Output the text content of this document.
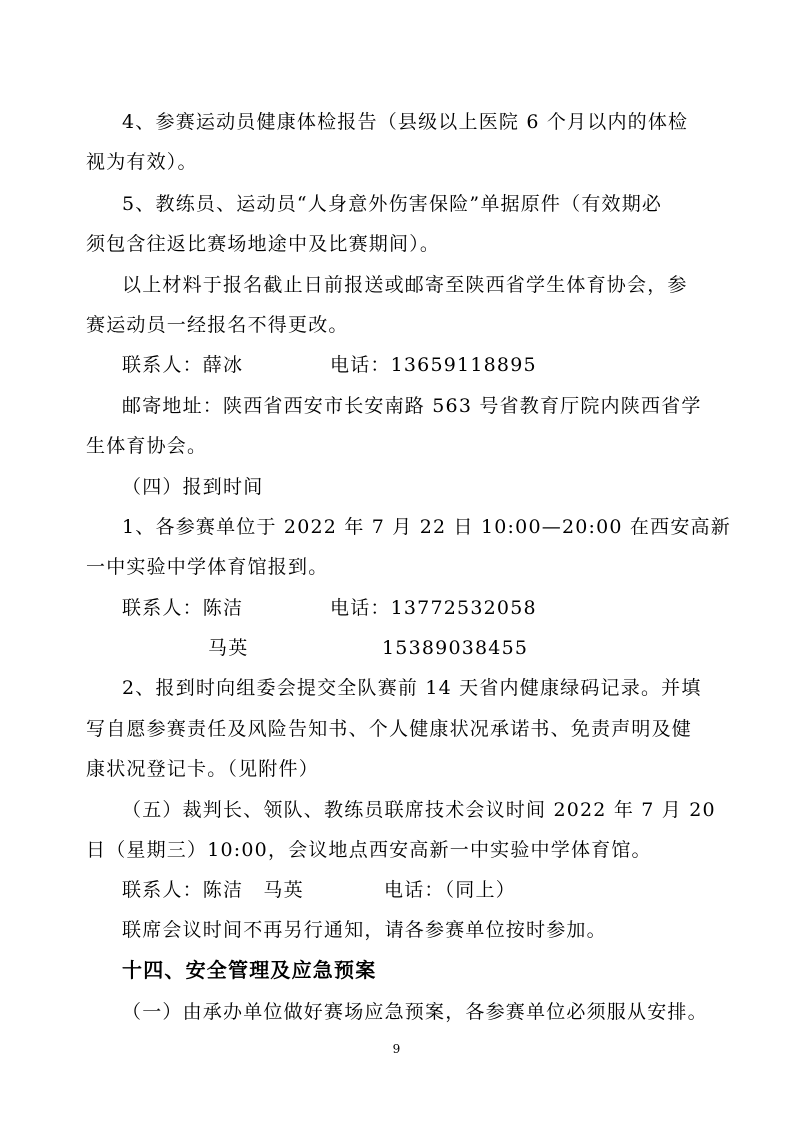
4、参赛运动员健康体检报告（县级以上医院 6 个月以内的体检
视为有效）。
5、教练员、运动员“人身意外伤害保险”单据原件（有效期必
须包含往返比赛场地途中及比赛期间）。
以上材料于报名截止日前报送或邮寄至陕西省学生体育协会，参
赛运动员一经报名不得更改。
联系人：薛冰	电话：13659118895
邮寄地址：陕西省西安市长安南路 563 号省教育厅院内陕西省学
生体育协会。
（四）报到时间
1、各参赛单位于 2022 年 7 月 22 日 10:00—20:00 在西安高新
一中实验中学体育馆报到。
联系人：陈洁	电话：13772532058
马英	15389038455
2、报到时向组委会提交全队赛前 14 天省内健康绿码记录。并填
写自愿参赛责任及风险告知书、个人健康状况承诺书、免责声明及健
康状况登记卡。（见附件）
（五）裁判长、领队、教练员联席技术会议时间 2022 年 7 月 20
日（星期三）10:00，会议地点西安高新一中实验中学体育馆。
联系人：陈洁　马英	电话：（同上）
联席会议时间不再另行通知，请各参赛单位按时参加。
十四、安全管理及应急预案
（一）由承办单位做好赛场应急预案，各参赛单位必须服从安排。
9
